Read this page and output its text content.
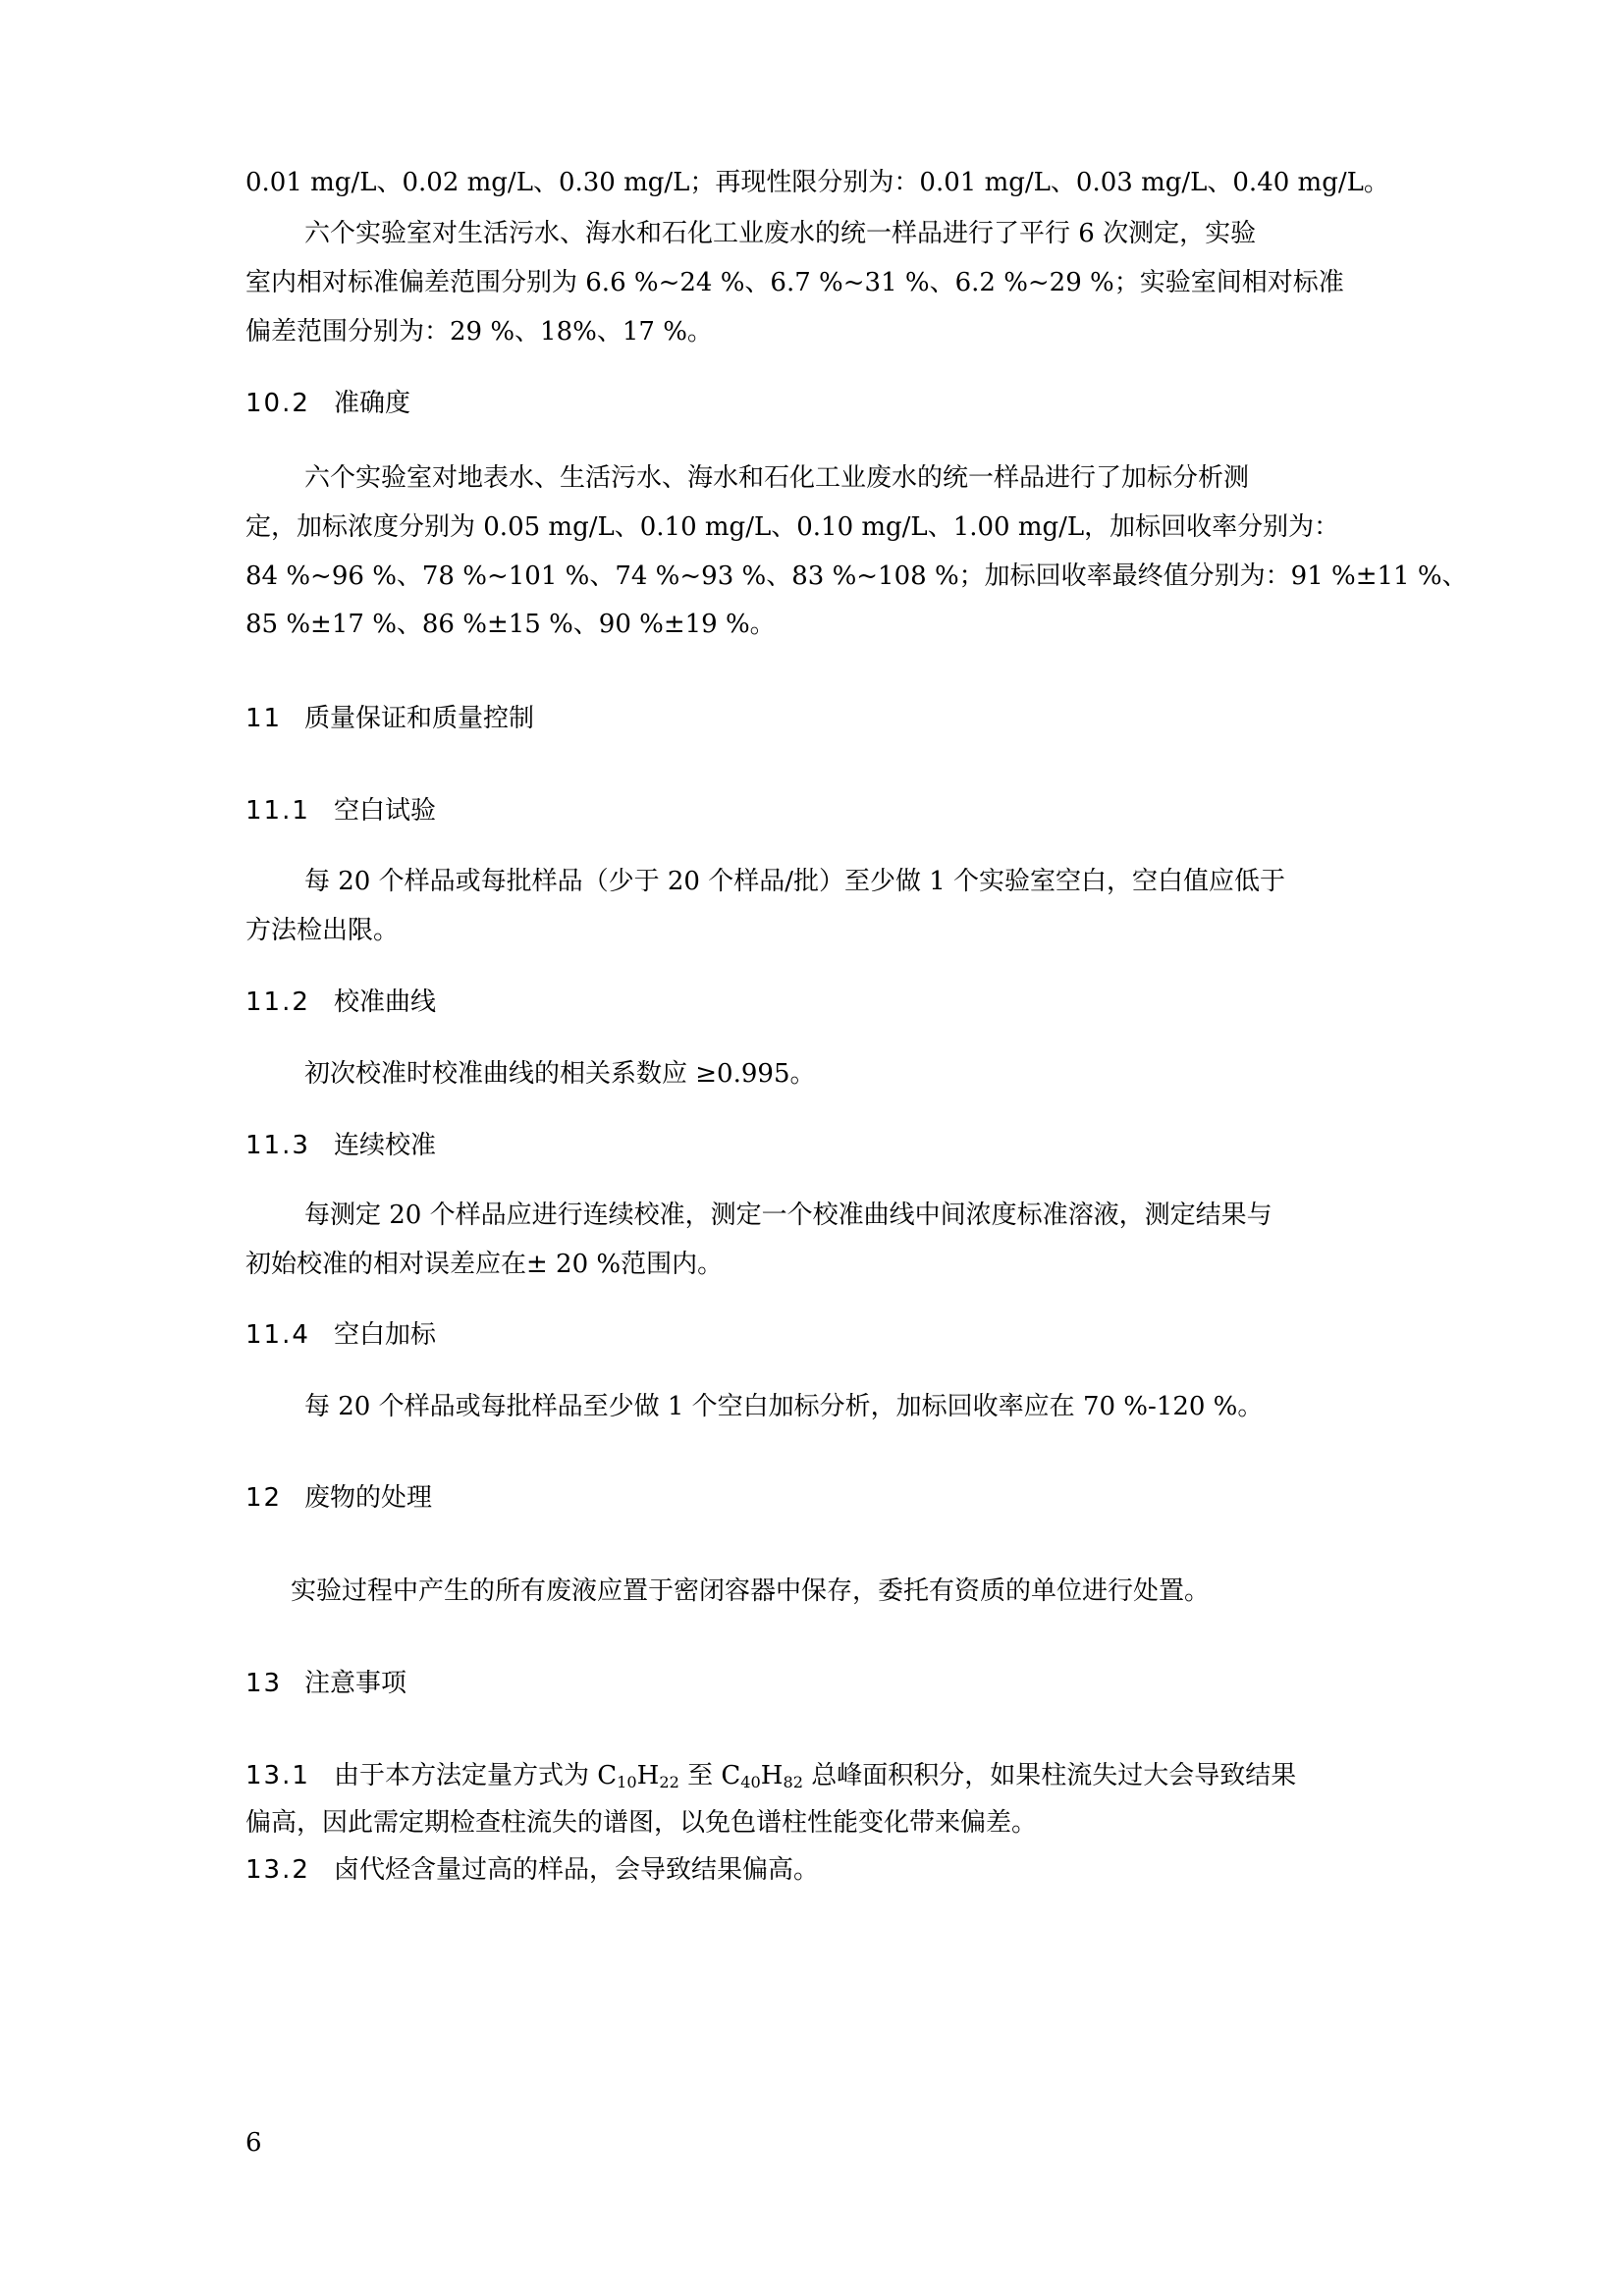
0.01 mg/L、0.02 mg/L、0.30 mg/L；再现性限分别为：0.01 mg/L、0.03 mg/L、0.40 mg/L。

六个实验室对生活污水、海水和石化工业废水的统一样品进行了平行 6 次测定，实验

室内相对标准偏差范围分别为 6.6 %~24 %、6.7 %~31 %、6.2 %~29 %；实验室间相对标准

偏差范围分别为：29 %、18%、17 %。

10.2 准确度

六个实验室对地表水、生活污水、海水和石化工业废水的统一样品进行了加标分析测

定，加标浓度分别为 0.05 mg/L、0.10 mg/L、0.10 mg/L、1.00 mg/L，加标回收率分别为：

84 %~96 %、78 %~101 %、74 %~93 %、83 %~108 %；加标回收率最终值分别为：91 %±11 %、

85 %±17 %、86 %±15 %、90 %±19 %。

11 质量保证和质量控制
11.1 空白试验

每 20 个样品或每批样品（少于 20 个样品/批）至少做 1 个实验室空白，空白值应低于

方法检出限。

11.2 校准曲线

初次校准时校准曲线的相关系数应 ≥0.995。

11.3 连续校准

每测定 20 个样品应进行连续校准，测定一个校准曲线中间浓度标准溶液，测定结果与

初始校准的相对误差应在± 20 %范围内。

11.4 空白加标

每 20 个样品或每批样品至少做 1 个空白加标分析，加标回收率应在 70 %-120 %。

12 废物的处理

实验过程中产生的所有废液应置于密闭容器中保存，委托有资质的单位进行处置。

13 注意事项

13.1 由于本方法定量方式为 $C_{10}H_{22}$ 至 $C_{40}H_{82}$ 总峰面积积分，如果柱流失过大会导致结果

偏高，因此需定期检查柱流失的谱图，以免色谱柱性能变化带来偏差。

13.2 卤代烃含量过高的样品，会导致结果偏高。

6
